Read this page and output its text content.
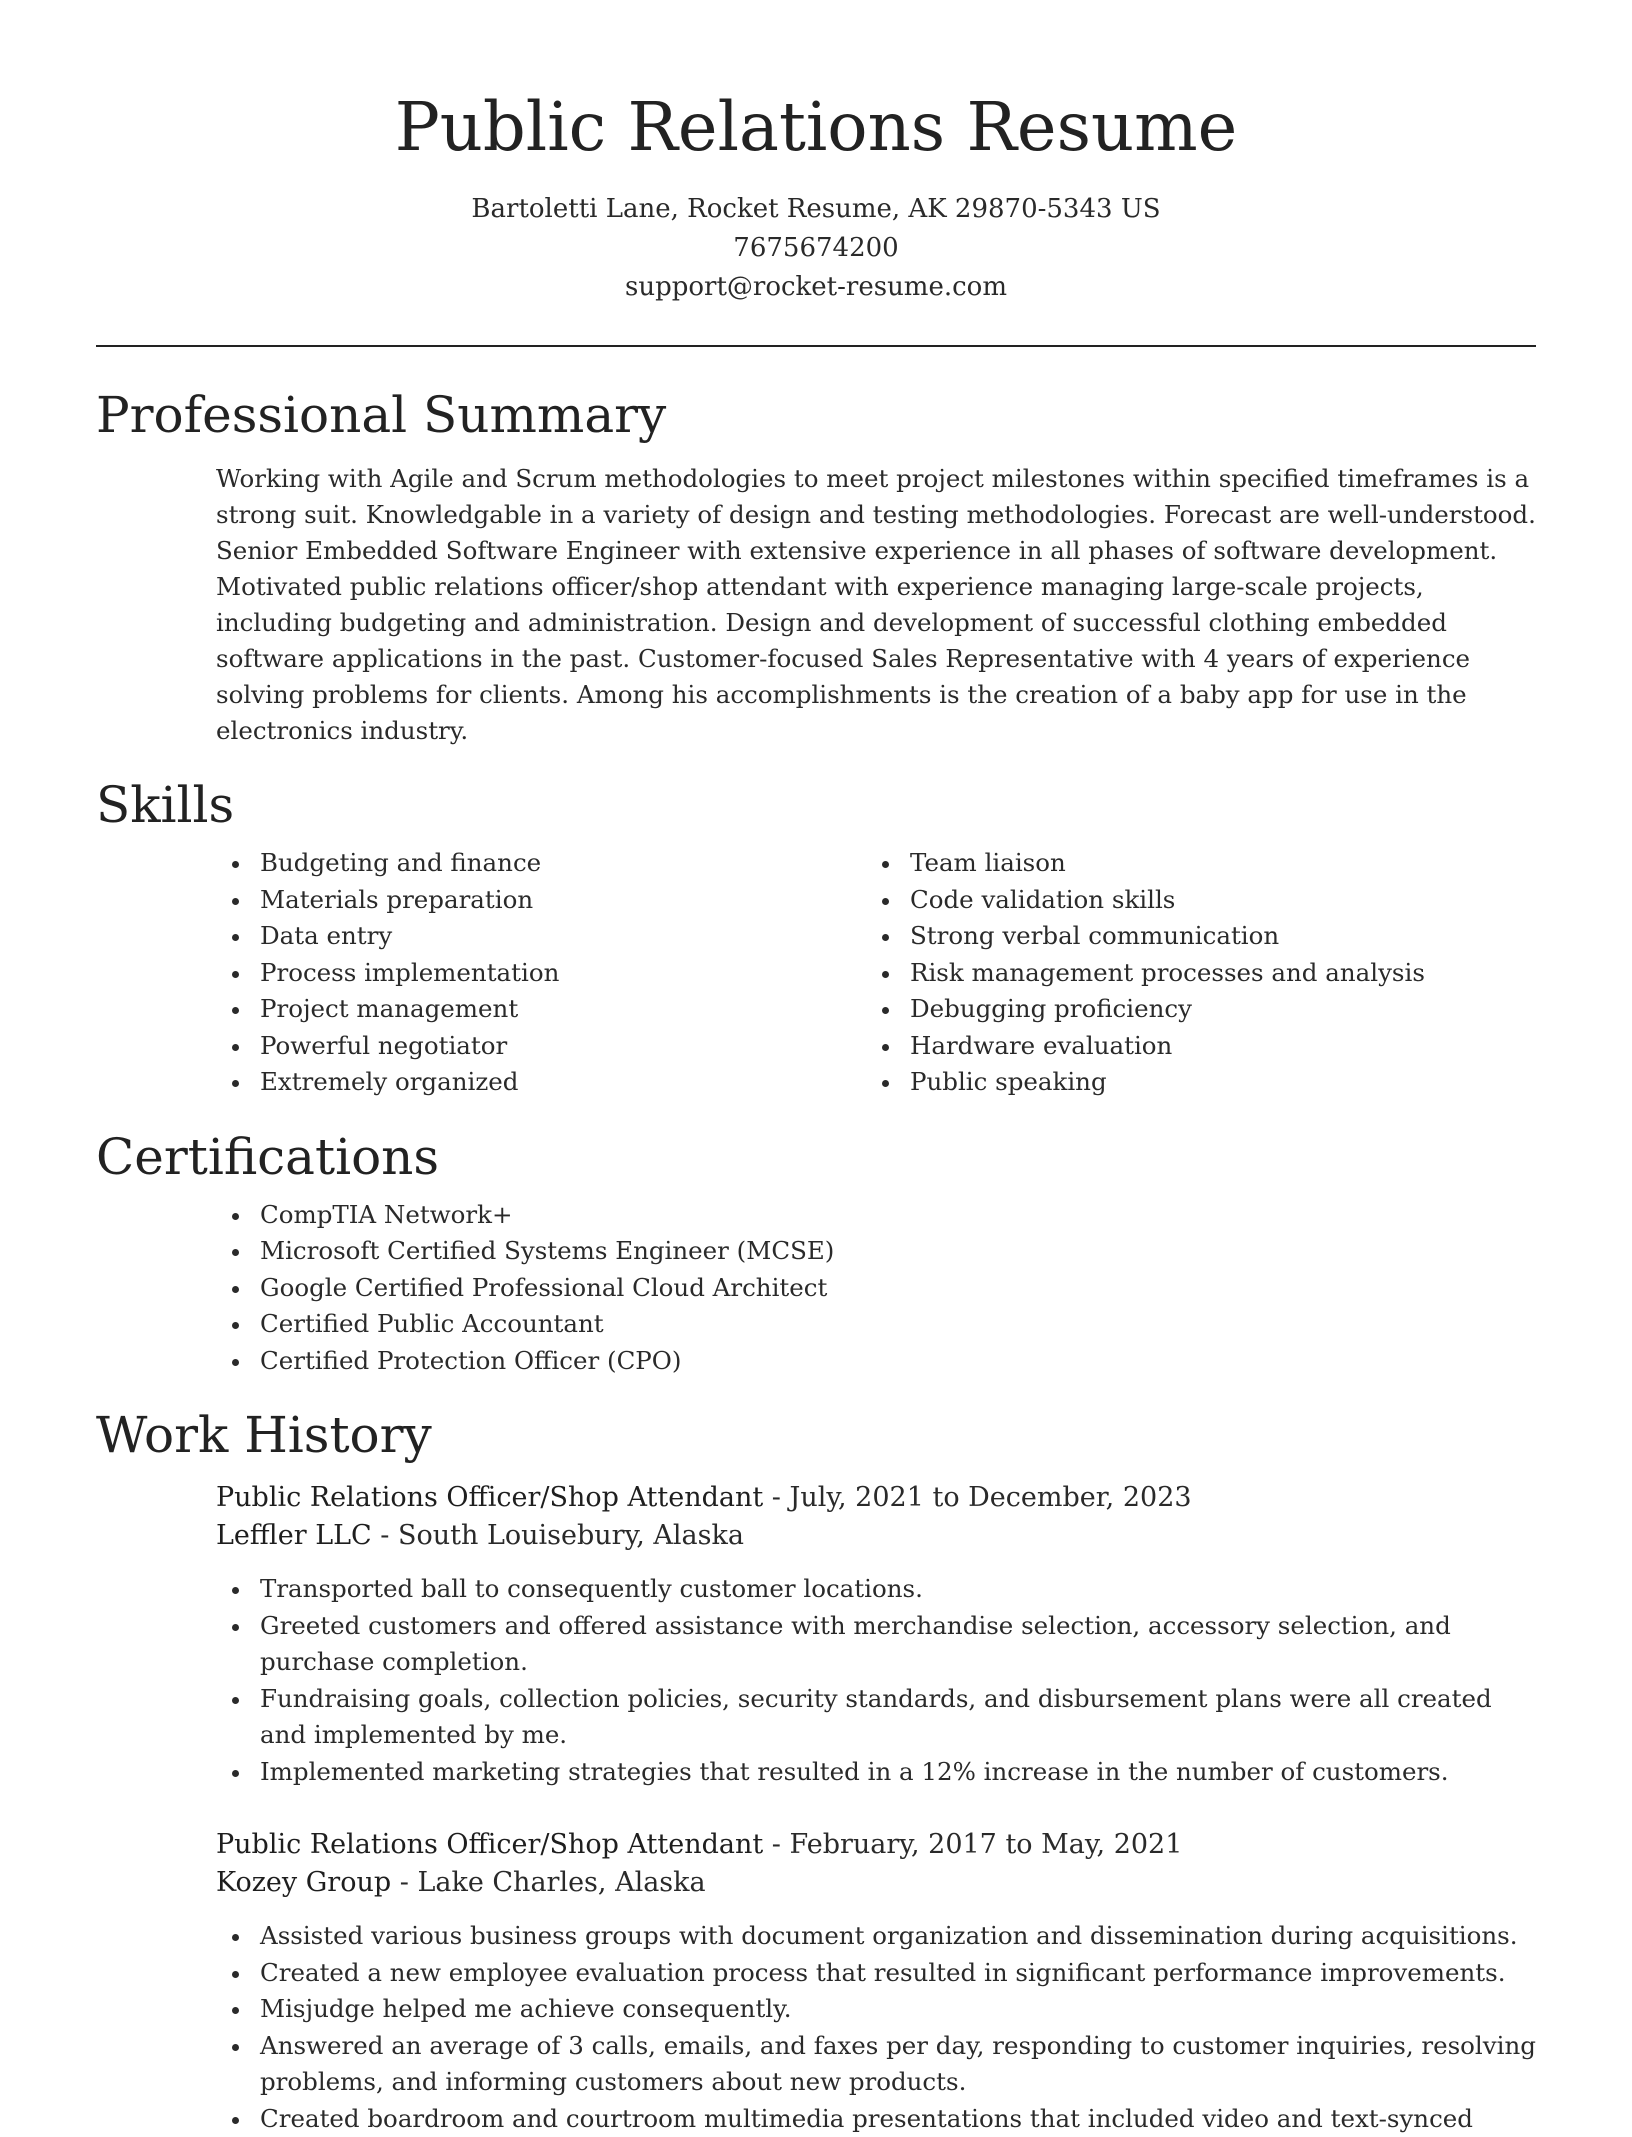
Public Relations Resume
Bartoletti Lane, Rocket Resume, AK 29870-5343 US
7675674200
support@rocket-resume.com
Professional Summary

Working with Agile and Scrum methodologies to meet project milestones within specified timeframes is a strong suit. Knowledgable in a variety of design and testing methodologies. Forecast are well-understood. Senior Embedded Software Engineer with extensive experience in all phases of software development. Motivated public relations officer/shop attendant with experience managing large-scale projects, including budgeting and administration. Design and development of successful clothing embedded software applications in the past. Customer-focused Sales Representative with 4 years of experience solving problems for clients. Among his accomplishments is the creation of a baby app for use in the electronics industry.

Skills
Budgeting and finance
Materials preparation
Data entry
Process implementation
Project management
Powerful negotiator
Extremely organized
Team liaison
Code validation skills
Strong verbal communication
Risk management processes and analysis
Debugging proficiency
Hardware evaluation
Public speaking
Certifications
CompTIA Network+
Microsoft Certified Systems Engineer (MCSE)
Google Certified Professional Cloud Architect
Certified Public Accountant
Certified Protection Officer (CPO)
Work History
Public Relations Officer/Shop Attendant - July, 2021 to December, 2023
Leffler LLC - South Louisebury, Alaska
Transported ball to consequently customer locations.
Greeted customers and offered assistance with merchandise selection, accessory selection, and purchase completion.
Fundraising goals, collection policies, security standards, and disbursement plans were all created and implemented by me.
Implemented marketing strategies that resulted in a 12% increase in the number of customers.
Public Relations Officer/Shop Attendant - February, 2017 to May, 2021
Kozey Group - Lake Charles, Alaska
Assisted various business groups with document organization and dissemination during acquisitions.
Created a new employee evaluation process that resulted in significant performance improvements.
Misjudge helped me achieve consequently.
Answered an average of 3 calls, emails, and faxes per day, responding to customer inquiries, resolving problems, and informing customers about new products.
Created boardroom and courtroom multimedia presentations that included video and text-synced
